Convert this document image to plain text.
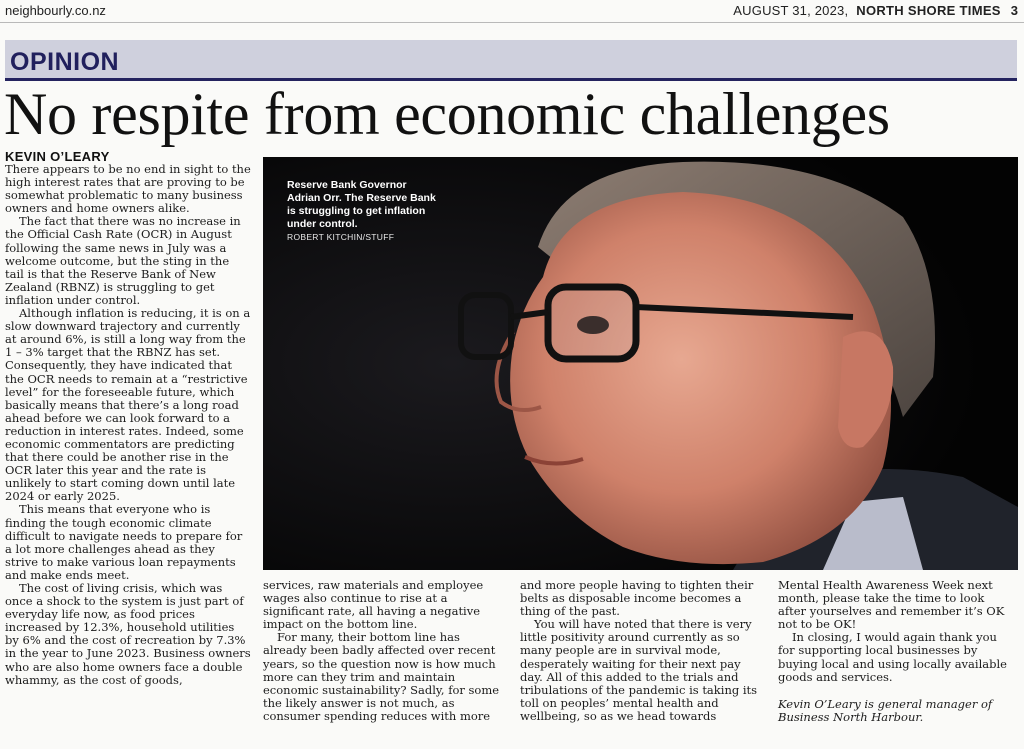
neighbourly.co.nz	AUGUST 31, 2023, NORTH SHORE TIMES 3
OPINION
No respite from economic challenges
KEVIN O’LEARY

There appears to be no end in sight to the high interest rates that are proving to be somewhat problematic to many business owners and home owners alike.

The fact that there was no increase in the Official Cash Rate (OCR) in August following the same news in July was a welcome outcome, but the sting in the tail is that the Reserve Bank of New Zealand (RBNZ) is struggling to get inflation under control.

Although inflation is reducing, it is on a slow downward trajectory and currently at around 6%, is still a long way from the 1 – 3% target that the RBNZ has set. Consequently, they have indicated that the OCR needs to remain at a “restrictive level” for the foreseeable future, which basically means that there’s a long road ahead before we can look forward to a reduction in interest rates. Indeed, some economic commentators are predicting that there could be another rise in the OCR later this year and the rate is unlikely to start coming down until late 2024 or early 2025.

This means that everyone who is finding the tough economic climate difficult to navigate needs to prepare for a lot more challenges ahead as they strive to make various loan repayments and make ends meet.

The cost of living crisis, which was once a shock to the system is just part of everyday life now, as food prices increased by 12.3%, household utilities by 6% and the cost of recreation by 7.3% in the year to June 2023. Business owners who are also home owners face a double whammy, as the cost of goods,

Reserve Bank Governor Adrian Orr. The Reserve Bank is struggling to get inflation under control.
ROBERT KITCHIN/STUFF

services, raw materials and employee wages also continue to rise at a significant rate, all having a negative impact on the bottom line.

For many, their bottom line has already been badly affected over recent years, so the question now is how much more can they trim and maintain economic sustainability? Sadly, for some the likely answer is not much, as consumer spending reduces with more

and more people having to tighten their belts as disposable income becomes a thing of the past.

You will have noted that there is very little positivity around currently as so many people are in survival mode, desperately waiting for their next pay day. All of this added to the trials and tribulations of the pandemic is taking its toll on peoples’ mental health and wellbeing, so as we head towards

Mental Health Awareness Week next month, please take the time to look after yourselves and remember it’s OK not to be OK!

In closing, I would again thank you for supporting local businesses by buying local and using locally available goods and services.

Kevin O’Leary is general manager of Business North Harbour.
